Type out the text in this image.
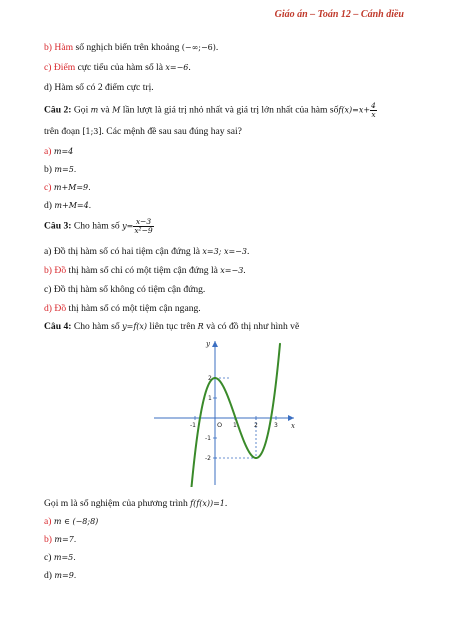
Giáo án – Toán 12 – Cánh diều
b) Hàm số nghịch biến trên khoảng (−∞;−6).
c) Điểm cực tiểu của hàm số là x=−6.
d) Hàm số có 2 điểm cực trị.
Câu 2: Gọi m và M lần lượt là giá trị nhỏ nhất và giá trị lớn nhất của hàm sốf(x)=x+ $\frac{4}{x}$
trên đoạn [1;3]. Các mệnh đề sau sau đúng hay sai?
a) m=4
b) m=5.
c) m+M=9.
d) m+M=4.
Câu 3: Cho hàm số $y= \frac{x-3}{\text{x²−9}}$
a) Đồ thị hàm số có hai tiệm cận đứng là x=3; x=−3.
b) Đồ thị hàm số chỉ có một tiệm cận đứng là x=−3.
c) Đồ thị hàm số không có tiệm cận đứng.
d) Đồ thị hàm số có một tiệm cận ngang.
Câu 4: Cho hàm số y=f(x) liên tục trên R và có đồ thị như hình vẽ
x
y
O
-1	1	2	3
2
1
-1
-2
Gọi m là số nghiệm của phương trình f(f(x))=1.
a) m ∈ (−8;8)
b) m=7.
c) m=5.
d) m=9.
